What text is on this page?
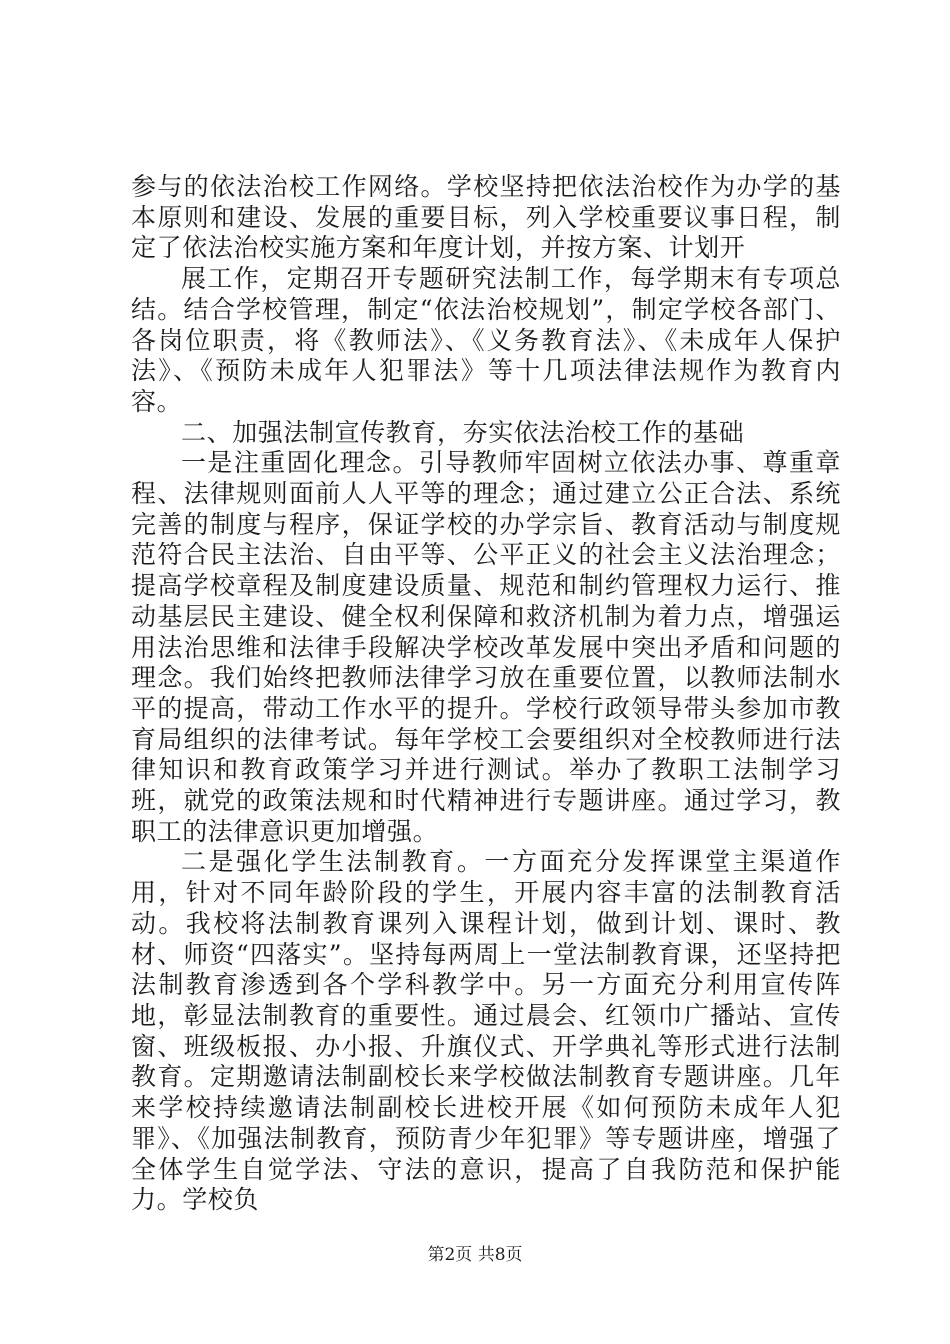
参与的依法治校工作网络。学校坚持把依法治校作为办学的基本原则和建设、发展的重要目标，列入学校重要议事日程，制定了依法治校实施方案和年度计划，并按方案、计划开

展工作，定期召开专题研究法制工作，每学期末有专项总结。结合学校管理，制定“依法治校规划”，制定学校各部门、各岗位职责，将《教师法》、《义务教育法》、《未成年人保护法》、《预防未成年人犯罪法》等十几项法律法规作为教育内容。

二、加强法制宣传教育，夯实依法治校工作的基础

一是注重固化理念。引导教师牢固树立依法办事、尊重章程、法律规则面前人人平等的理念；通过建立公正合法、系统完善的制度与程序，保证学校的办学宗旨、教育活动与制度规范符合民主法治、自由平等、公平正义的社会主义法治理念；提高学校章程及制度建设质量、规范和制约管理权力运行、推动基层民主建设、健全权利保障和救济机制为着力点，增强运用法治思维和法律手段解决学校改革发展中突出矛盾和问题的理念。我们始终把教师法律学习放在重要位置，以教师法制水平的提高，带动工作水平的提升。学校行政领导带头参加市教育局组织的法律考试。每年学校工会要组织对全校教师进行法律知识和教育政策学习并进行测试。举办了教职工法制学习班，就党的政策法规和时代精神进行专题讲座。通过学习，教职工的法律意识更加增强。

二是强化学生法制教育。一方面充分发挥课堂主渠道作用，针对不同年龄阶段的学生，开展内容丰富的法制教育活动。我校将法制教育课列入课程计划，做到计划、课时、教材、师资“四落实”。坚持每两周上一堂法制教育课，还坚持把法制教育渗透到各个学科教学中。另一方面充分利用宣传阵地，彰显法制教育的重要性。通过晨会、红领巾广播站、宣传窗、班级板报、办小报、升旗仪式、开学典礼等形式进行法制教育。定期邀请法制副校长来学校做法制教育专题讲座。几年来学校持续邀请法制副校长进校开展《如何预防未成年人犯罪》、《加强法制教育，预防青少年犯罪》等专题讲座，增强了全体学生自觉学法、守法的意识，提高了自我防范和保护能力。学校负

第2页 共8页
